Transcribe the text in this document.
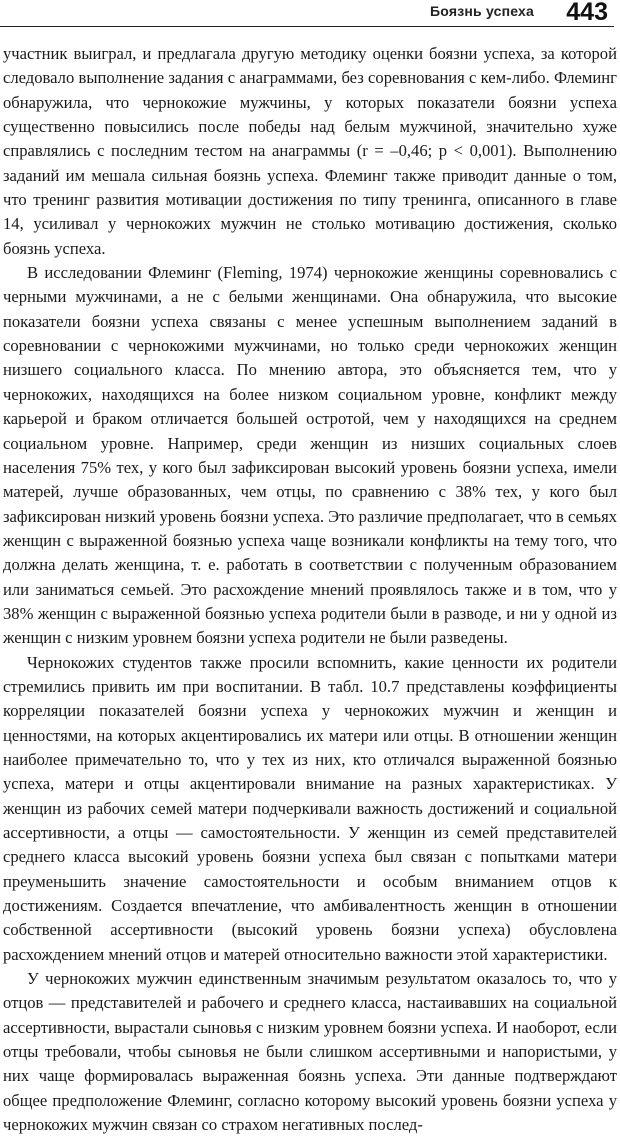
Боязнь успеха 443

участник выиграл, и предлагала другую методику оценки боязни успеха, за которой следовало выполнение задания с анаграммами, без соревнования с кем-либо. Флеминг обнаружила, что чернокожие мужчины, у которых показатели боязни успеха существенно повысились после победы над белым мужчиной, значительно хуже справлялись с последним тестом на анаграммы (r = –0,46; p < 0,001). Выполнению заданий им мешала сильная боязнь успеха. Флеминг также приводит данные о том, что тренинг развития мотивации достижения по типу тренинга, описанного в главе 14, усиливал у чернокожих мужчин не столько мотивацию достижения, сколько боязнь успеха.

В исследовании Флеминг (Fleming, 1974) чернокожие женщины соревновались с черными мужчинами, а не с белыми женщинами. Она обнаружила, что высокие показатели боязни успеха связаны с менее успешным выполнением заданий в соревновании с чернокожими мужчинами, но только среди чернокожих женщин низшего социального класса. По мнению автора, это объясняется тем, что у чернокожих, находящихся на более низком социальном уровне, конфликт между карьерой и браком отличается большей остротой, чем у находящихся на среднем социальном уровне. Например, среди женщин из низших социальных слоев населения 75% тех, у кого был зафиксирован высокий уровень боязни успеха, имели матерей, лучше образованных, чем отцы, по сравнению с 38% тех, у кого был зафиксирован низкий уровень боязни успеха. Это различие предполагает, что в семьях женщин с выраженной боязнью успеха чаще возникали конфликты на тему того, что должна делать женщина, т. е. работать в соответствии с полученным образованием или заниматься семьей. Это расхождение мнений проявлялось также и в том, что у 38% женщин с выраженной боязнью успеха родители были в разводе, и ни у одной из женщин с низким уровнем боязни успеха родители не были разведены.

Чернокожих студентов также просили вспомнить, какие ценности их родители стремились привить им при воспитании. В табл. 10.7 представлены коэффициенты корреляции показателей боязни успеха у чернокожих мужчин и женщин и ценностями, на которых акцентировались их матери или отцы. В отношении женщин наиболее примечательно то, что у тех из них, кто отличался выраженной боязнью успеха, матери и отцы акцентировали внимание на разных характеристиках. У женщин из рабочих семей матери подчеркивали важность достижений и социальной ассертивности, а отцы — самостоятельности. У женщин из семей представителей среднего класса высокий уровень боязни успеха был связан с попытками матери преуменьшить значение самостоятельности и особым вниманием отцов к достижениям. Создается впечатление, что амбивалентность женщин в отношении собственной ассертивности (высокий уровень боязни успеха) обусловлена расхождением мнений отцов и матерей относительно важности этой характеристики.

У чернокожих мужчин единственным значимым результатом оказалось то, что у отцов — представителей и рабочего и среднего класса, настаивавших на социальной ассертивности, вырастали сыновья с низким уровнем боязни успеха. И наоборот, если отцы требовали, чтобы сыновья не были слишком ассертивными и напористыми, у них чаще формировалась выраженная боязнь успеха. Эти данные подтверждают общее предположение Флеминг, согласно которому высокий уровень боязни успеха у чернокожих мужчин связан со страхом негативных послед-
